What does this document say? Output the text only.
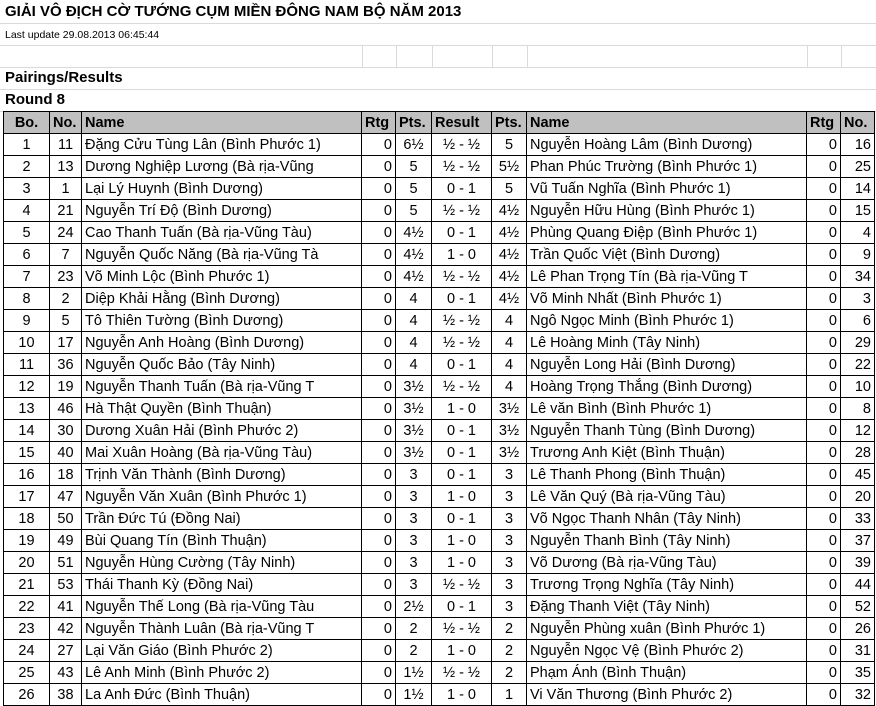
GIẢI VÔ ĐỊCH CỜ TƯỚNG CỤM MIỀN ĐÔNG NAM BỘ NĂM 2013
Last update 29.08.2013 06:45:44
Pairings/Results
Round 8
Bo.	No.	Name	Rtg	Pts.	Result	Pts.	Name	Rtg	No.
1	11	Đặng Cửu Tùng Lân (Bình Phước 1)	0	6½	½ - ½	5	Nguyễn Hoàng Lâm (Bình Dương)	0	16
2	13	Dương Nghiệp Lương (Bà rịa-Vũng	0	5	½ - ½	5½	Phan Phúc Trường (Bình Phước 1)	0	25
3	1	Lại Lý Huynh (Bình Dương)	0	5	0 - 1	5	Vũ Tuấn Nghĩa (Bình Phước 1)	0	14
4	21	Nguyễn Trí Độ (Bình Dương)	0	5	½ - ½	4½	Nguyễn Hữu Hùng (Bình Phước 1)	0	15
5	24	Cao Thanh Tuấn (Bà rịa-Vũng Tàu)	0	4½	0 - 1	4½	Phùng Quang Điệp (Bình Phước 1)	0	4
6	7	Nguyễn Quốc Năng (Bà rịa-Vũng Tà	0	4½	1 - 0	4½	Trần Quốc Việt (Bình Dương)	0	9
7	23	Võ Minh Lộc (Bình Phước 1)	0	4½	½ - ½	4½	Lê Phan Trọng Tín (Bà rịa-Vũng T	0	34
8	2	Diệp Khải Hằng (Bình Dương)	0	4	0 - 1	4½	Võ Minh Nhất (Bình Phước 1)	0	3
9	5	Tô Thiên Tường (Bình Dương)	0	4	½ - ½	4	Ngô Ngọc Minh (Bình Phước 1)	0	6
10	17	Nguyễn Anh Hoàng (Bình Dương)	0	4	½ - ½	4	Lê Hoàng Minh (Tây Ninh)	0	29
11	36	Nguyễn Quốc Bảo (Tây Ninh)	0	4	0 - 1	4	Nguyễn Long Hải (Bình Dương)	0	22
12	19	Nguyễn Thanh Tuấn (Bà rịa-Vũng T	0	3½	½ - ½	4	Hoàng Trọng Thắng (Bình Dương)	0	10
13	46	Hà Thật Quyền (Bình Thuận)	0	3½	1 - 0	3½	Lê văn Bình (Bình Phước 1)	0	8
14	30	Dương Xuân Hải (Bình Phước 2)	0	3½	0 - 1	3½	Nguyễn Thanh Tùng (Bình Dương)	0	12
15	40	Mai Xuân Hoàng (Bà rịa-Vũng Tàu)	0	3½	0 - 1	3½	Trương Anh Kiệt (Bình Thuận)	0	28
16	18	Trịnh Văn Thành (Bình Dương)	0	3	0 - 1	3	Lê Thanh Phong (Bình Thuận)	0	45
17	47	Nguyễn Văn Xuân (Bình Phước 1)	0	3	1 - 0	3	Lê Văn Quý (Bà rịa-Vũng Tàu)	0	20
18	50	Trần Đức Tú (Đồng Nai)	0	3	0 - 1	3	Võ Ngọc Thanh Nhân (Tây Ninh)	0	33
19	49	Bùi Quang Tín (Bình Thuận)	0	3	1 - 0	3	Nguyễn Thanh Bình (Tây Ninh)	0	37
20	51	Nguyễn Hùng Cường (Tây Ninh)	0	3	1 - 0	3	Võ Dương (Bà rịa-Vũng Tàu)	0	39
21	53	Thái Thanh Kỳ (Đồng Nai)	0	3	½ - ½	3	Trương Trọng Nghĩa (Tây Ninh)	0	44
22	41	Nguyễn Thế Long (Bà rịa-Vũng Tàu	0	2½	0 - 1	3	Đặng Thanh Việt (Tây Ninh)	0	52
23	42	Nguyễn Thành Luân (Bà rịa-Vũng T	0	2	½ - ½	2	Nguyễn Phùng xuân (Bình Phước 1)	0	26
24	27	Lại Văn Giáo (Bình Phước 2)	0	2	1 - 0	2	Nguyễn Ngọc Vệ (Bình Phước 2)	0	31
25	43	Lê Anh Minh (Bình Phước 2)	0	1½	½ - ½	2	Phạm Ánh (Bình Thuận)	0	35
26	38	La Anh Đức (Bình Thuận)	0	1½	1 - 0	1	Vi Văn Thương (Bình Phước 2)	0	32
